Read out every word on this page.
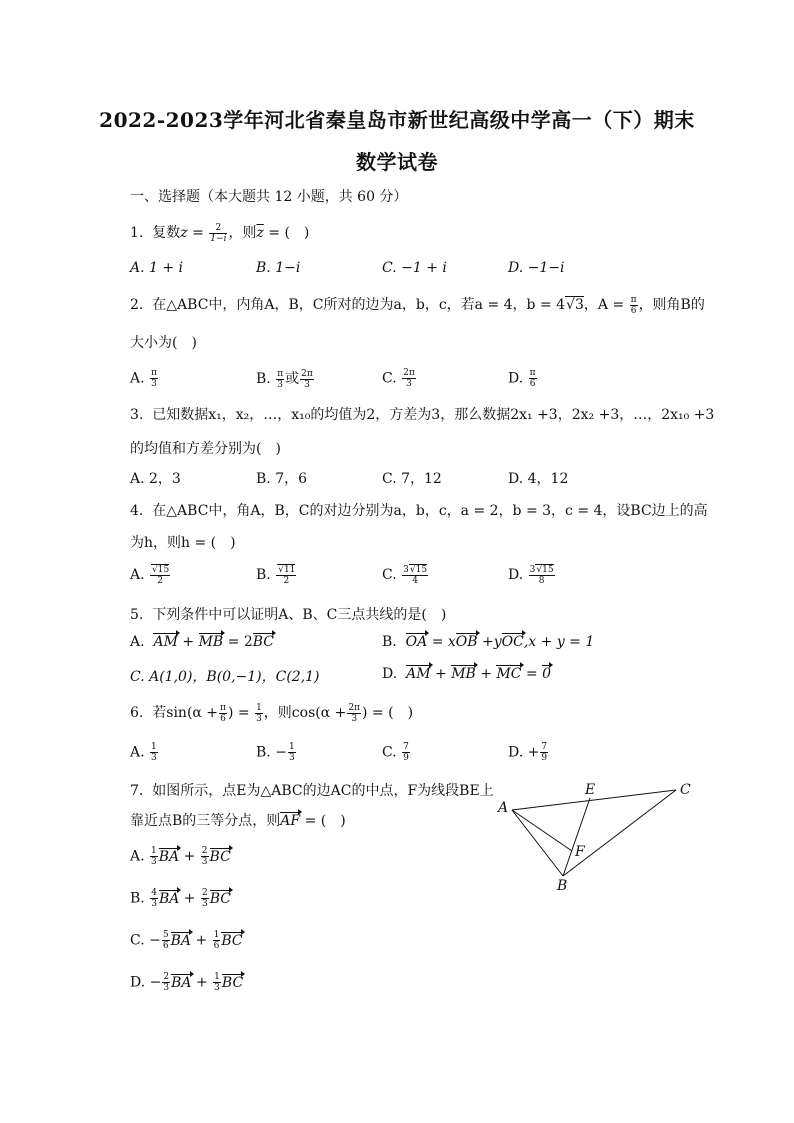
2022-2023学年河北省秦皇岛市新世纪高级中学高一（下）期末
数学试卷
一、选择题（本大题共 12 小题，共 60 分）
1. 复数$z = \frac{2}{1-i}$ ，则$\overline{z}$ = (　)
A. 1 + i	B. 1−i	C. −1 + i	D. −1−i
2. 在△ABC中，内角A，B，C所对的边为a，b，c，若a = 4，b = 4 √ 3，$A = \frac{\pi}{6}$ ，则角B的
大小为(　)
A. $\frac{\pi}{3}$	B. $\frac{\pi}{3}$ 或 $\frac{2\pi}{3}$	C. $\frac{2\pi}{3}$	D. $\frac{\pi}{6}$
3. 已知数据x₁，x₂，…，x₁₀的均值为2，方差为3，那么数据2x₁ +3，2x₂ +3，…，2x₁₀ +3
的均值和方差分别为(　)
A. 2，3	B. 7，6	C. 7，12	D. 4，12
4. 在△ABC中，角A，B，C的对边分别为a，b，c，a = 2，b = 3，c = 4，设BC边上的高
为h，则h = (　)
A. √ $\frac{15}{2}$	B. √ $\frac{11}{2}$	C. $\frac{3 √ 15}{4}$	D. $\frac{3 √ 15}{8}$
5. 下列条件中可以证明A、B、C三点共线的是(　)
A. AM + MB = 2BC	B. OA = xOB +yOC,x + y = 1
C. A(1,0)，B(0,−1)，C(2,1)	D. AM + MB + MC = 0
6. 若$\sin(\alpha + \frac{\pi}{6}$ ) = $\frac{1}{3}$ ，则$\cos(\alpha + \frac{2\pi}{3}$ ) = (　)
A. $\frac{1}{3}$	B. − $\frac{1}{3}$	C. $\frac{7}{9}$	D. + $\frac{7}{9}$
7. 如图所示，点E为△ABC的边AC的中点，F为线段BE上
靠近点B的三等分点，则AF = (　)
A. $\frac{1}{3}$ BA + $\frac{2}{3}$ BC
B. $\frac{4}{3}$ BA + $\frac{2}{3}$ BC
C. − $\frac{5}{6}$ BA + $\frac{1}{6}$ BC
D. − $\frac{2}{3}$ BA + $\frac{1}{3}$ BC
A
E	C
F
B
